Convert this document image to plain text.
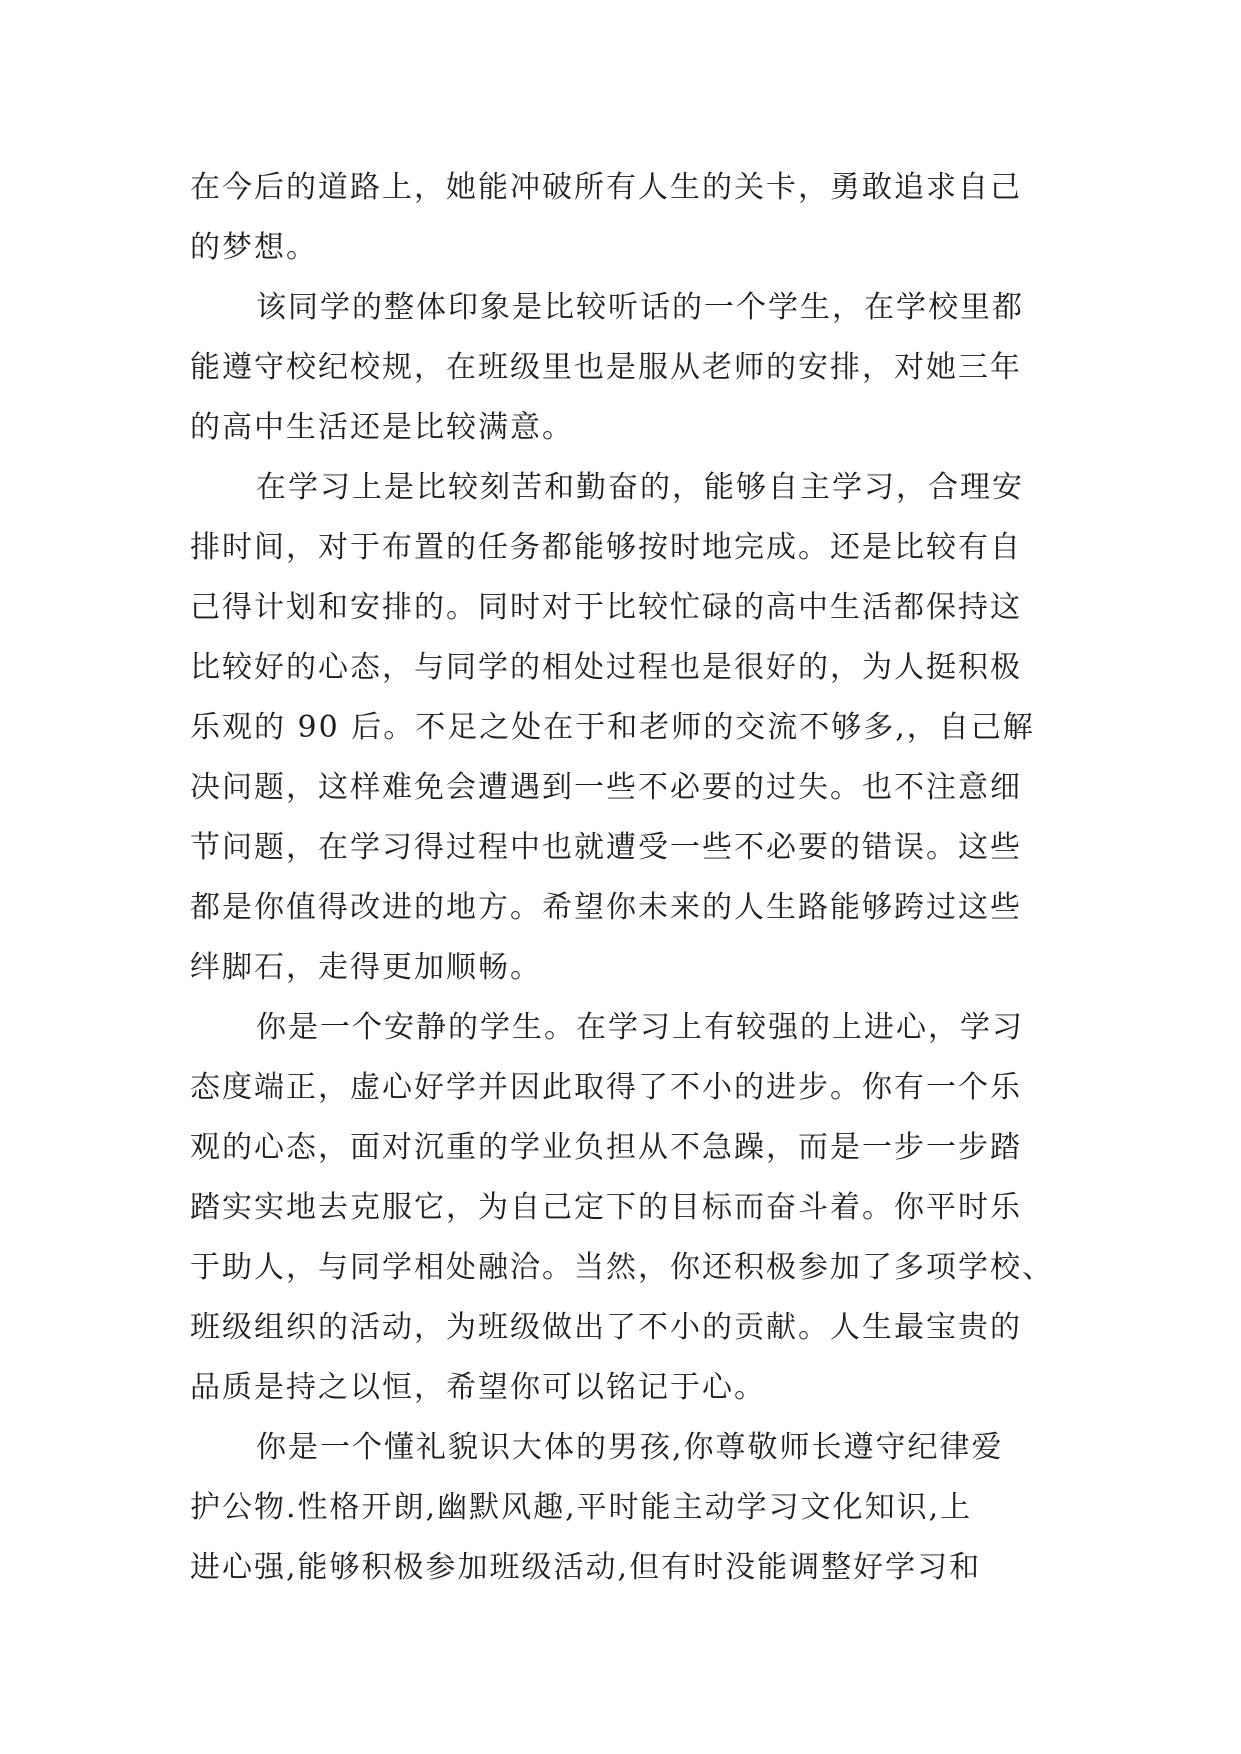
在今后的道路上，她能冲破所有人生的关卡，勇敢追求自己
的梦想。
该同学的整体印象是比较听话的一个学生，在学校里都
能遵守校纪校规，在班级里也是服从老师的安排，对她三年
的高中生活还是比较满意。
在学习上是比较刻苦和勤奋的，能够自主学习，合理安
排时间，对于布置的任务都能够按时地完成。还是比较有自
己得计划和安排的。同时对于比较忙碌的高中生活都保持这
比较好的心态，与同学的相处过程也是很好的，为人挺积极
乐观的 90 后。不足之处在于和老师的交流不够多,，自己解
决问题，这样难免会遭遇到一些不必要的过失。也不注意细
节问题，在学习得过程中也就遭受一些不必要的错误。这些
都是你值得改进的地方。希望你未来的人生路能够跨过这些
绊脚石，走得更加顺畅。
你是一个安静的学生。在学习上有较强的上进心，学习
态度端正，虚心好学并因此取得了不小的进步。你有一个乐
观的心态，面对沉重的学业负担从不急躁，而是一步一步踏
踏实实地去克服它，为自己定下的目标而奋斗着。你平时乐
于助人，与同学相处融洽。当然，你还积极参加了多项学校、
班级组织的活动，为班级做出了不小的贡献。人生最宝贵的
品质是持之以恒，希望你可以铭记于心。
你是一个懂礼貌识大体的男孩,你尊敬师长遵守纪律爱
护公物.性格开朗,幽默风趣,平时能主动学习文化知识,上
进心强,能够积极参加班级活动,但有时没能调整好学习和
